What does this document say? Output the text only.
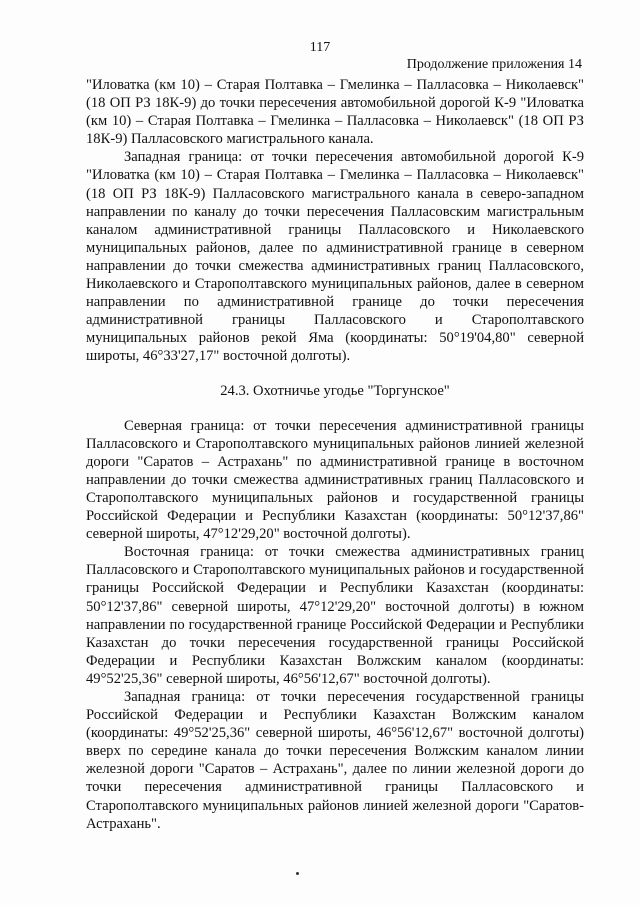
117
Продолжение приложения 14

"Иловатка (км 10) – Старая Полтавка – Гмелинка – Палласовка – Николаевск" (18 ОП РЗ 18К-9) до точки пересечения автомобильной дорогой К-9 "Иловатка (км 10) – Старая Полтавка – Гмелинка – Палласовка – Николаевск" (18 ОП РЗ 18К-9) Палласовского магистрального канала.

Западная граница: от точки пересечения автомобильной дорогой К-9 "Иловатка (км 10) – Старая Полтавка – Гмелинка – Палласовка – Николаевск" (18 ОП РЗ 18К-9) Палласовского магистрального канала в северо-западном направлении по каналу до точки пересечения Палласовским магистральным каналом административной границы Палласовского и Николаевского муниципальных районов, далее по административной границе в северном направлении до точки смежества административных границ Палласовского, Николаевского и Старополтавского муниципальных районов, далее в северном направлении по административной границе до точки пересечения административной границы Палласовского и Старополтавского муниципальных районов рекой Яма (координаты: 50°19'04,80" северной широты, 46°33'27,17" восточной долготы).

24.3. Охотничье угодье "Торгунское"

Северная граница: от точки пересечения административной границы Палласовского и Старополтавского муниципальных районов линией железной дороги "Саратов – Астрахань" по административной границе в восточном направлении до точки смежества административных границ Палласовского и Старополтавского муниципальных районов и государственной границы Российской Федерации и Республики Казахстан (координаты: 50°12'37,86" северной широты, 47°12'29,20" восточной долготы).

Восточная граница: от точки смежества административных границ Палласовского и Старополтавского муниципальных районов и государственной границы Российской Федерации и Республики Казахстан (координаты: 50°12'37,86" северной широты, 47°12'29,20" восточной долготы) в южном направлении по государственной границе Российской Федерации и Республики Казахстан до точки пересечения государственной границы Российской Федерации и Республики Казахстан Волжским каналом (координаты: 49°52'25,36" северной широты, 46°56'12,67" восточной долготы).

Западная граница: от точки пересечения государственной границы Российской Федерации и Республики Казахстан Волжским каналом (координаты: 49°52'25,36" северной широты, 46°56'12,67" восточной долготы) вверх по середине канала до точки пересечения Волжским каналом линии железной дороги "Саратов – Астрахань", далее по линии железной дороги до точки пересечения административной границы Палласовского и Старополтавского муниципальных районов линией железной дороги "Саратов-Астрахань".
